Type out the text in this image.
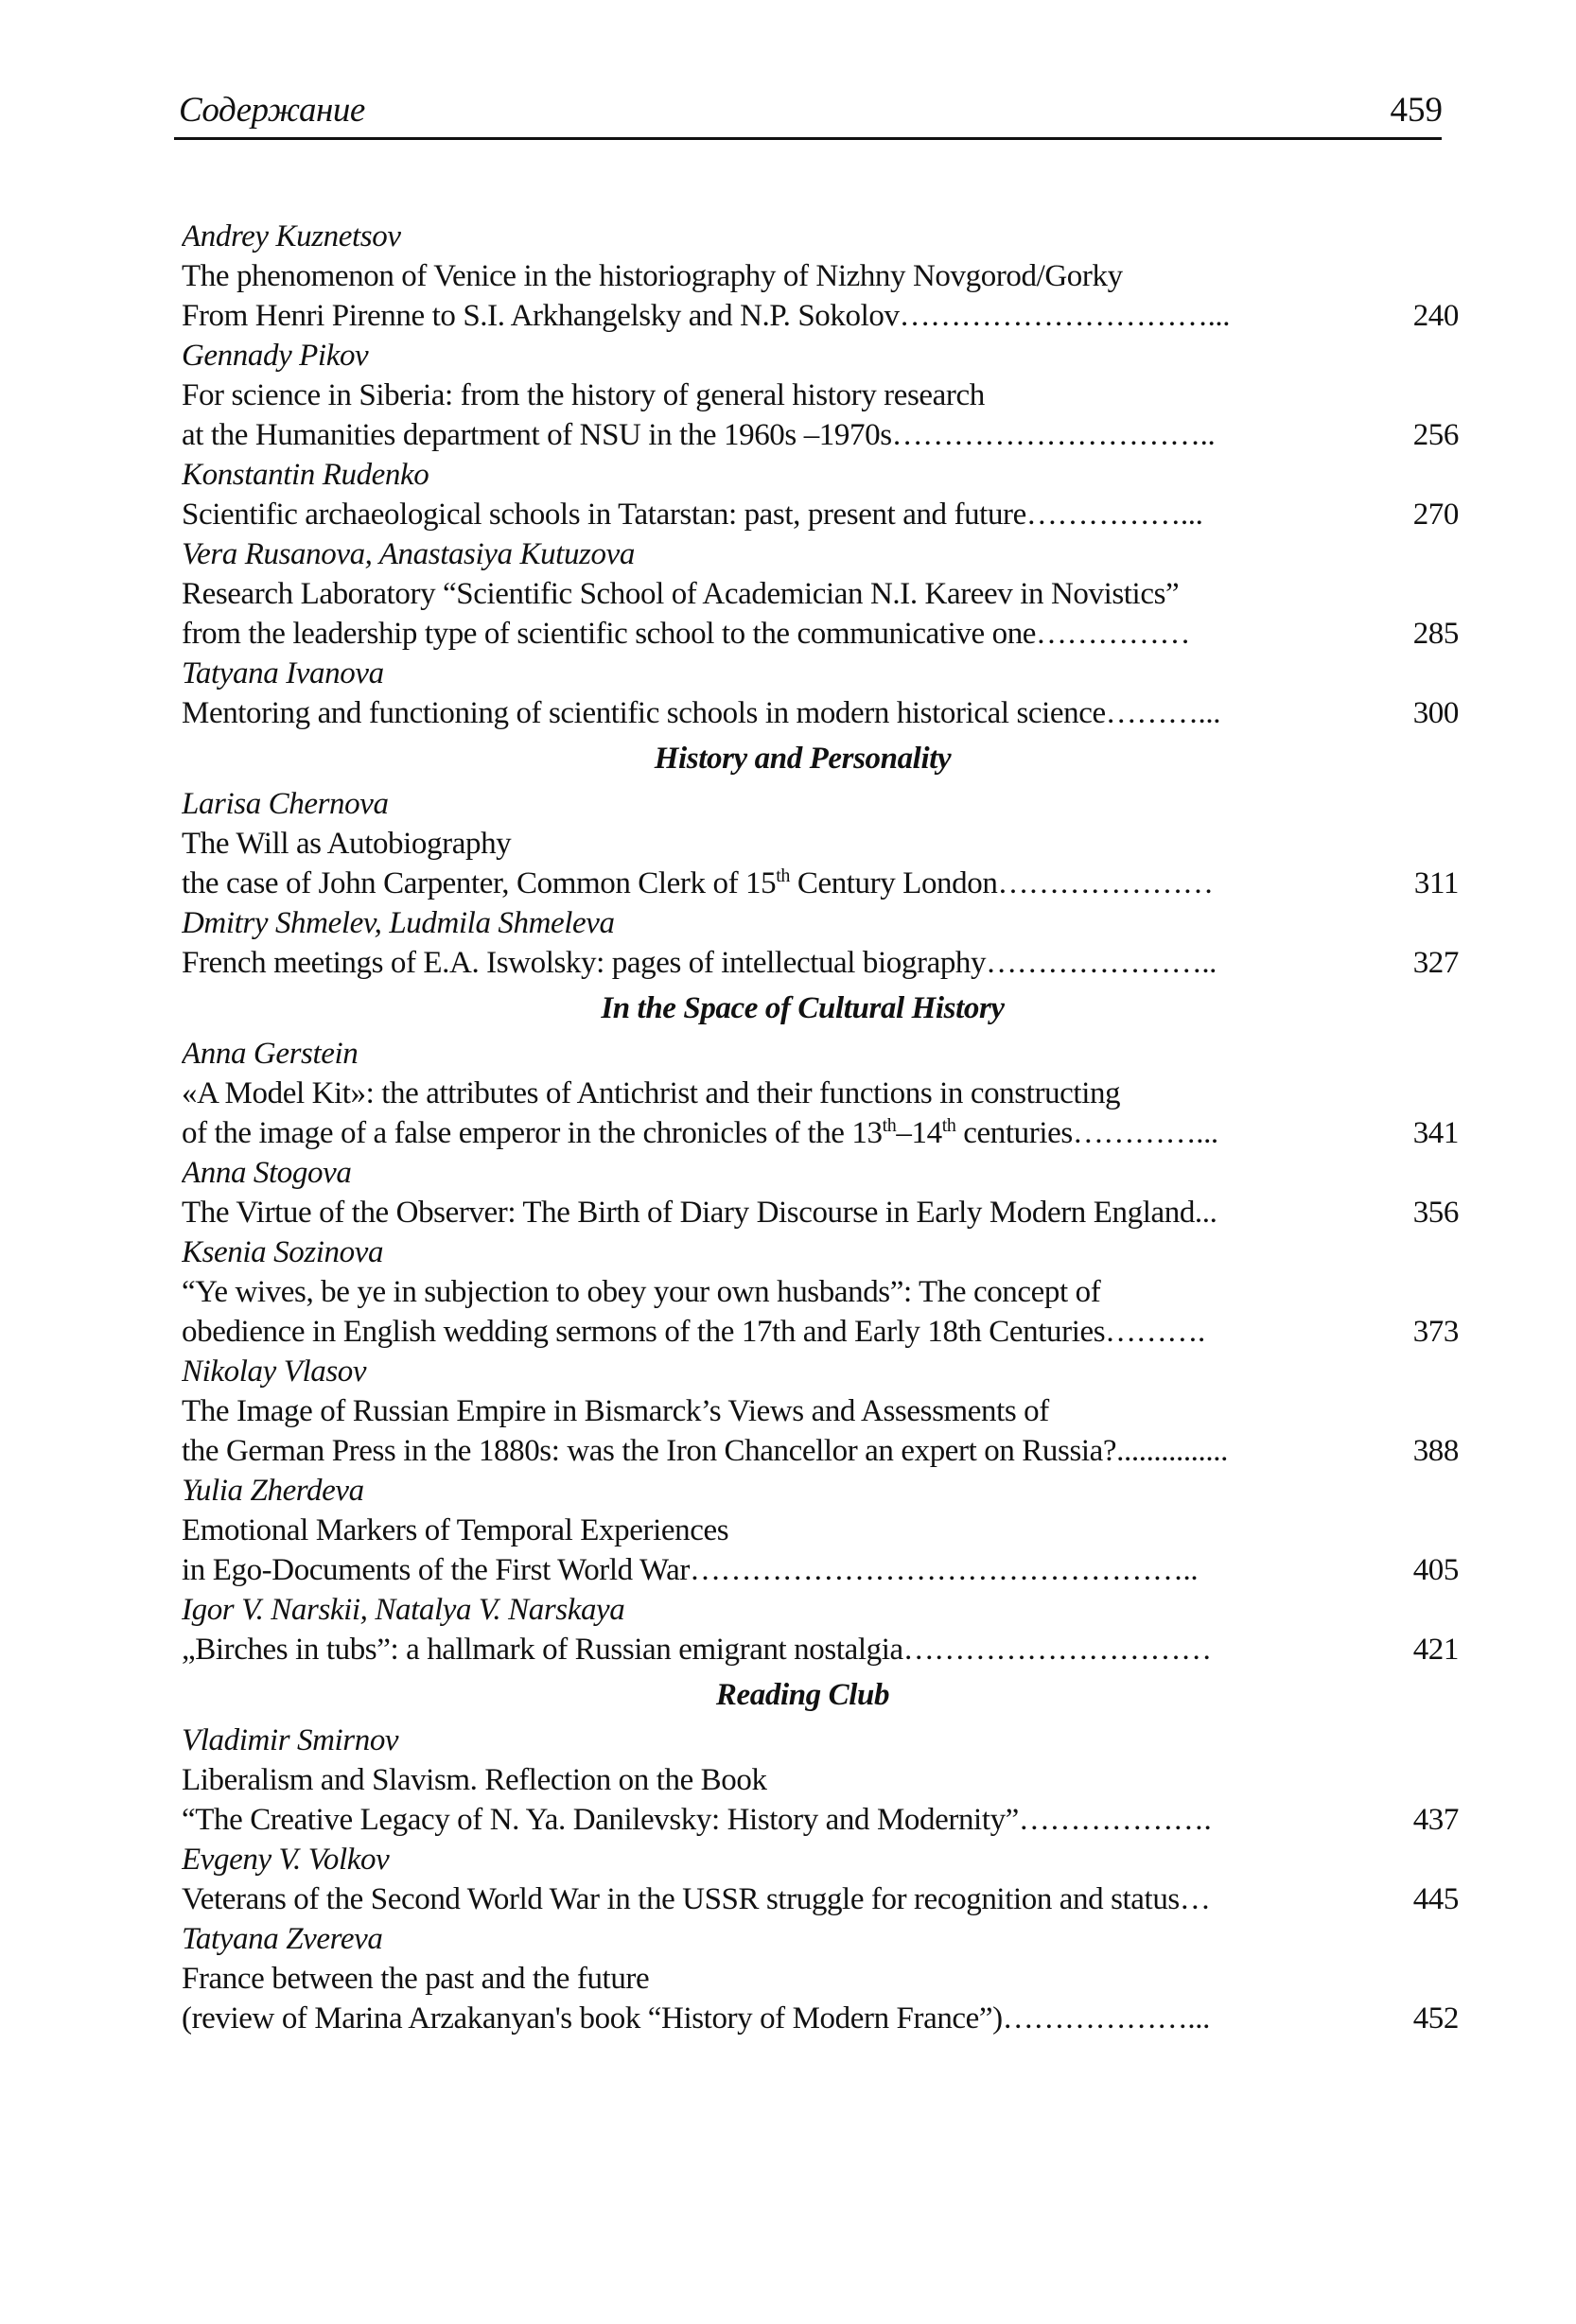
Содержание	459
Andrey Kuznetsov
The phenomenon of Venice in the historiography of Nizhny Novgorod/Gorky
From Henri Pirenne to S.I. Arkhangelsky and N.P. Sokolov…………………………...	240
Gennady Pikov
For science in Siberia: from the history of general history research
at the Humanities department of NSU in the 1960s –1970s…………………………..	256
Konstantin Rudenko
Scientific archaeological schools in Tatarstan: past, present and future……………...	270
Vera Rusanova, Anastasiya Kutuzova
Research Laboratory “Scientific School of Academician N.I. Kareev in Novistics”
from the leadership type of scientific school to the communicative one……………	285
Tatyana Ivanova
Mentoring and functioning of scientific schools in modern historical science………...	300
History and Personality
Larisa Chernova
The Will as Autobiography
the case of John Carpenter, Common Clerk of 15th Century London…………………	311
Dmitry Shmelev, Ludmila Shmeleva
French meetings of E.A. Iswolsky: pages of intellectual biography…………………..	327
In the Space of Cultural History
Anna Gerstein
«A Model Kit»: the attributes of Antichrist and their functions in constructing
of the image of a false emperor in the chronicles of the 13th–14th centuries…………...	341
Anna Stogova
The Virtue of the Observer: The Birth of Diary Discourse in Early Modern England...	356
Ksenia Sozinova
“Ye wives, be ye in subjection to obey your own husbands”: The concept of
obedience in English wedding sermons of the 17th and Early 18th Centuries……….	373
Nikolay Vlasov
The Image of Russian Empire in Bismarck’s Views and Assessments of
the German Press in the 1880s: was the Iron Chancellor an expert on Russia?...............	388
Yulia Zherdeva
Emotional Markers of Temporal Experiences
in Ego-Documents of the First World War…………………………………………..	405
Igor V. Narskii, Natalya V. Narskaya
„Birches in tubs”: a hallmark of Russian emigrant nostalgia…………………………	421
Reading Club
Vladimir Smirnov
Liberalism and Slavism. Reflection on the Book
“The Creative Legacy of N. Ya. Danilevsky: History and Modernity”……………….	437
Evgeny V. Volkov
Veterans of the Second World War in the USSR struggle for recognition and status…	445
Tatyana Zvereva
France between the past and the future
(review of Marina Arzakanyan's book “History of Modern France”)………………...	452
